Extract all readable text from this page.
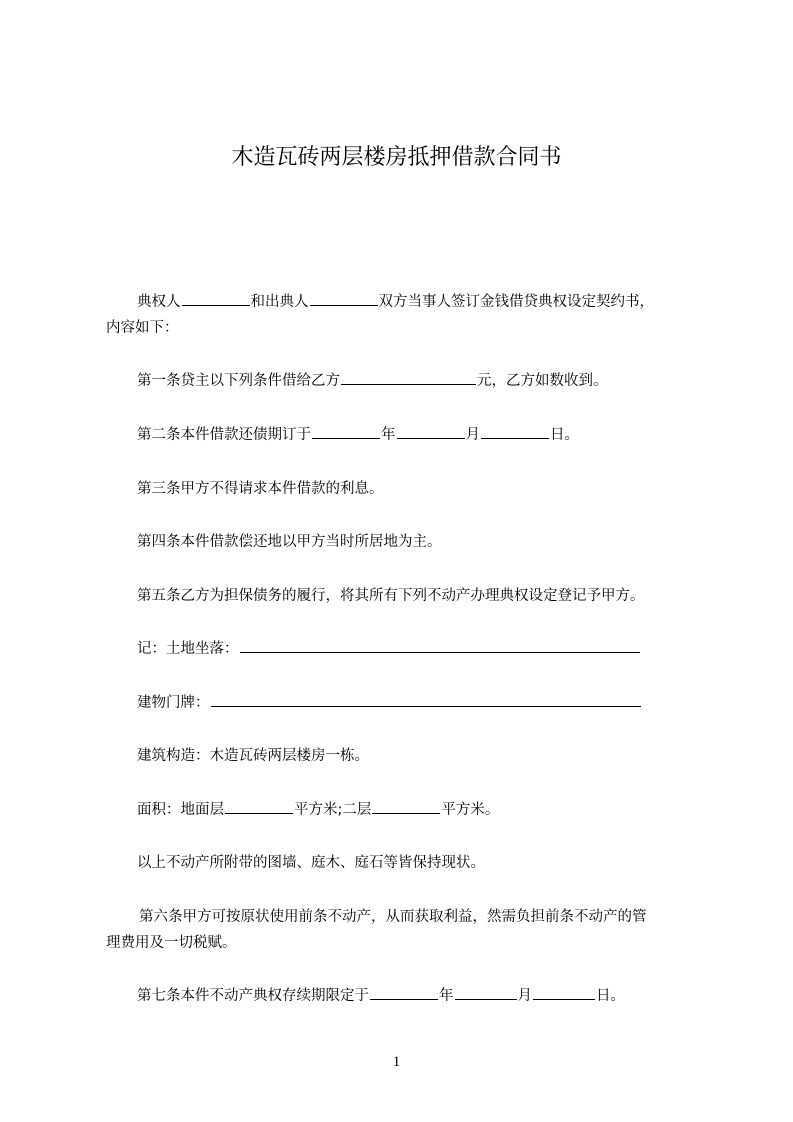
木造瓦砖两层楼房抵押借款合同书
典权人	和出典人	双方当事人签订金钱借贷典权设定契约书，
内容如下：
第一条贷主以下列条件借给乙方	元，乙方如数收到。
第二条本件借款还债期订于	年	月	日。
第三条甲方不得请求本件借款的利息。
第四条本件借款偿还地以甲方当时所居地为主。
第五条乙方为担保债务的履行，将其所有下列不动产办理典权设定登记予甲方。
记：土地坐落：
建物门牌：
建筑构造：木造瓦砖两层楼房一栋。
面积：地面层	平方米;二层	平方米。
以上不动产所附带的图墙、庭木、庭石等皆保持现状。
第六条甲方可按原状使用前条不动产，从而获取利益，然需负担前条不动产的管
理费用及一切税赋。
第七条本件不动产典权存续期限定于	年	月	日。
1
